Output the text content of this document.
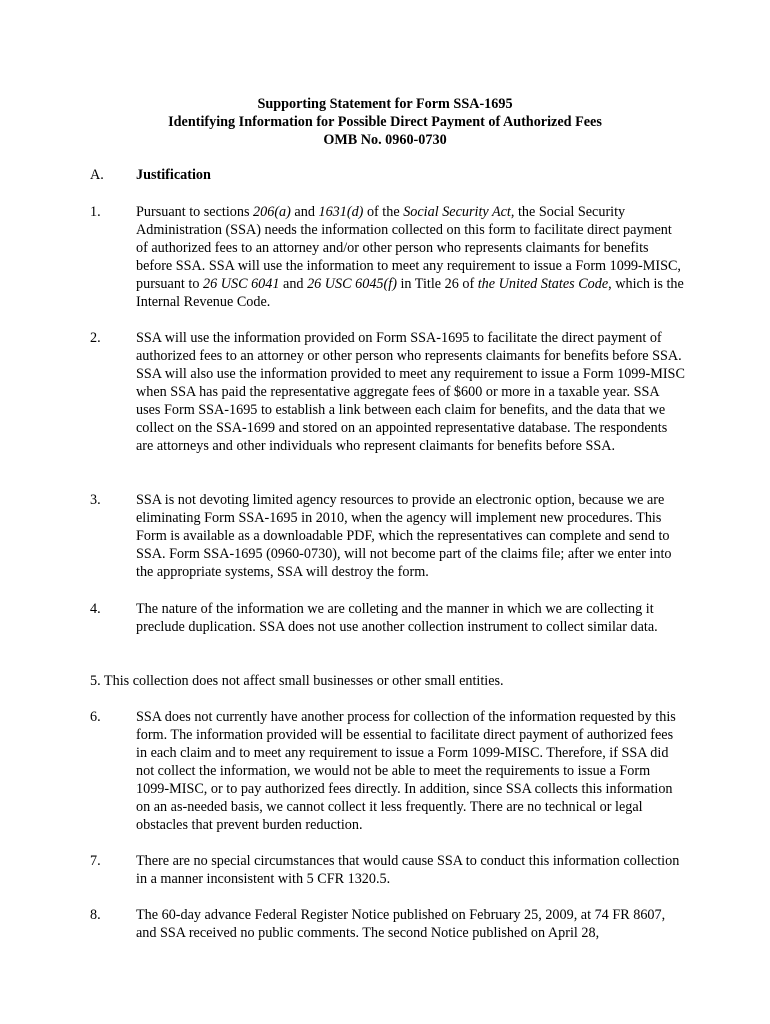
Supporting Statement for Form SSA-1695
Identifying Information for Possible Direct Payment of Authorized Fees
OMB No. 0960-0730
A.	Justification
1.	Pursuant to sections 206(a) and 1631(d) of the Social Security Act, the Social Security Administration (SSA) needs the information collected on this form to facilitate direct payment of authorized fees to an attorney and/or other person who represents claimants for benefits before SSA. SSA will use the information to meet any requirement to issue a Form 1099-MISC, pursuant to 26 USC 6041 and 26 USC 6045(f) in Title 26 of the United States Code, which is the Internal Revenue Code.
2.	SSA will use the information provided on Form SSA-1695 to facilitate the direct payment of authorized fees to an attorney or other person who represents claimants for benefits before SSA. SSA will also use the information provided to meet any requirement to issue a Form 1099-MISC when SSA has paid the representative aggregate fees of $600 or more in a taxable year. SSA uses Form SSA-1695 to establish a link between each claim for benefits, and the data that we collect on the SSA-1699 and stored on an appointed representative database. The respondents are attorneys and other individuals who represent claimants for benefits before SSA.
3.	SSA is not devoting limited agency resources to provide an electronic option, because we are eliminating Form SSA-1695 in 2010, when the agency will implement new procedures. This Form is available as a downloadable PDF, which the representatives can complete and send to SSA. Form SSA-1695 (0960-0730), will not become part of the claims file; after we enter into the appropriate systems, SSA will destroy the form.
4.	The nature of the information we are colleting and the manner in which we are collecting it preclude duplication. SSA does not use another collection instrument to collect similar data.
5. This collection does not affect small businesses or other small entities.
6.	SSA does not currently have another process for collection of the information requested by this form. The information provided will be essential to facilitate direct payment of authorized fees in each claim and to meet any requirement to issue a Form 1099-MISC. Therefore, if SSA did not collect the information, we would not be able to meet the requirements to issue a Form 1099-MISC, or to pay authorized fees directly. In addition, since SSA collects this information on an as-needed basis, we cannot collect it less frequently. There are no technical or legal obstacles that prevent burden reduction.
7.	There are no special circumstances that would cause SSA to conduct this information collection in a manner inconsistent with 5 CFR 1320.5.
8.	The 60-day advance Federal Register Notice published on February 25, 2009, at 74 FR 8607, and SSA received no public comments. The second Notice published on April 28,
